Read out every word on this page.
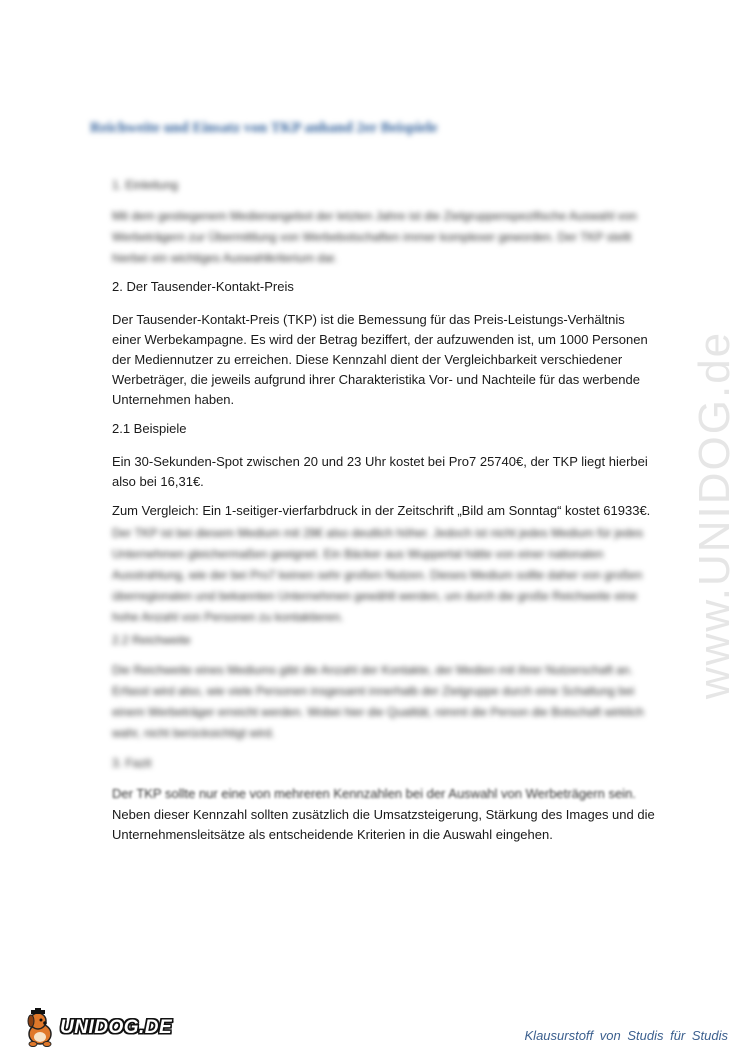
Reichweite und Einsatz von TKP anhand 2er Beispiele
1. Einleitung

Mit dem gestiegenem Medienangebot der letzten Jahre ist die Zielgruppenspezifische Auswahl von Werbeträgern zur Übermittlung von Werbebotschaften immer komplexer geworden. Der TKP stellt hierbei ein wichtiges Auswahlkriterium dar.

2. Der Tausender-Kontakt-Preis

Der Tausender-Kontakt-Preis (TKP) ist die Bemessung für das Preis-Leistungs-Verhältnis einer Werbekampagne. Es wird der Betrag beziffert, der aufzuwenden ist, um 1000 Personen der Mediennutzer zu erreichen. Diese Kennzahl dient der Vergleichbarkeit verschiedener Werbeträger, die jeweils aufgrund ihrer Charakteristika Vor- und Nachteile für das werbende Unternehmen haben.

2.1 Beispiele

Ein 30-Sekunden-Spot zwischen 20 und 23 Uhr kostet bei Pro7 25740€, der TKP liegt hierbei also bei 16,31€.

Zum Vergleich: Ein 1-seitiger-vierfarbdruck in der Zeitschrift „Bild am Sonntag“ kostet 61933€.

Der TKP ist bei diesem Medium mit 28€ also deutlich höher. Jedoch ist nicht jedes Medium für jedes Unternehmen gleichermaßen geeignet. Ein Bäcker aus Wuppertal hätte von einer nationalen Ausstrahlung, wie der bei Pro7 keinen sehr großen Nutzen. Dieses Medium sollte daher von großen überregionalen und bekannten Unternehmen gewählt werden, um durch die große Reichweite eine hohe Anzahl von Personen zu kontaktieren.

2.2 Reichweite

Die Reichweite eines Mediums gibt die Anzahl der Kontakte, der Medien mit ihrer Nutzerschaft an. Erfasst wird also, wie viele Personen insgesamt innerhalb der Zielgruppe durch eine Schaltung bei einem Werbeträger erreicht werden. Wobei hier die Qualität, nimmt die Person die Botschaft wirklich wahr, nicht berücksichtigt wird.

3. Fazit
Der TKP sollte nur eine von mehreren Kennzahlen bei der Auswahl von Werbeträgern sein.

Neben dieser Kennzahl sollten zusätzlich die Umsatzsteigerung, Stärkung des Images und die Unternehmensleitsätze als entscheidende Kriterien in die Auswahl eingehen.

www.UNIDOG.de
UNIDOG.DE	Klausurstoff von Studis für Studis
